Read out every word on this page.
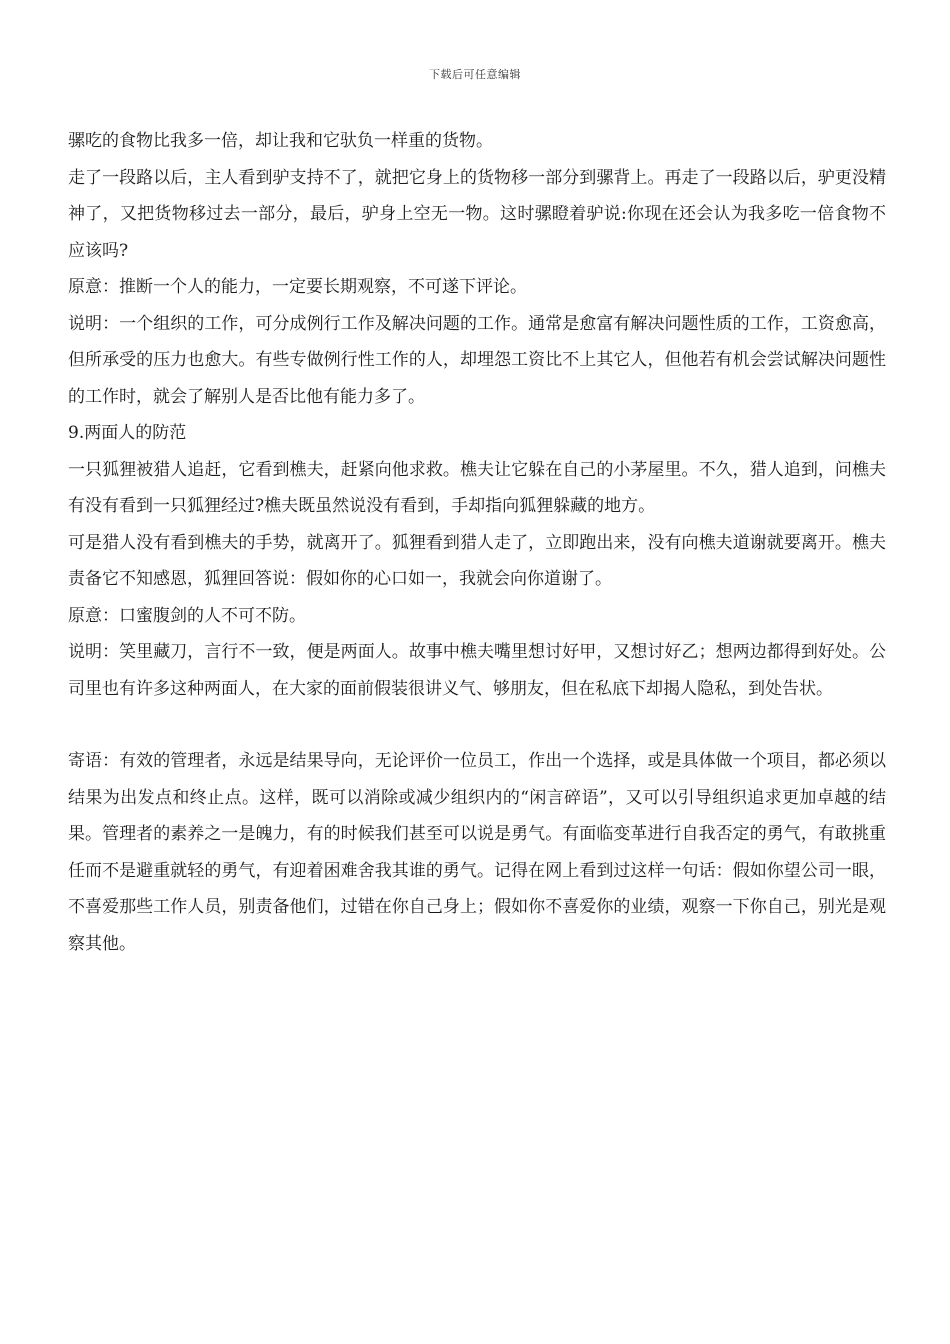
下载后可任意编辑

骡吃的食物比我多一倍，却让我和它驮负一样重的货物。

走了一段路以后，主人看到驴支持不了，就把它身上的货物移一部分到骡背上。再走了一段路以后，驴更没精神了，又把货物移过去一部分，最后，驴身上空无一物。这时骡瞪着驴说:你现在还会认为我多吃一倍食物不应该吗?

原意：推断一个人的能力，一定要长期观察，不可遂下评论。

说明：一个组织的工作，可分成例行工作及解决问题的工作。通常是愈富有解决问题性质的工作，工资愈高，但所承受的压力也愈大。有些专做例行性工作的人，却埋怨工资比不上其它人，但他若有机会尝试解决问题性的工作时，就会了解别人是否比他有能力多了。

9.两面人的防范

一只狐狸被猎人追赶，它看到樵夫，赶紧向他求救。樵夫让它躲在自己的小茅屋里。不久，猎人追到，问樵夫有没有看到一只狐狸经过?樵夫既虽然说没有看到，手却指向狐狸躲藏的地方。

可是猎人没有看到樵夫的手势，就离开了。狐狸看到猎人走了，立即跑出来，没有向樵夫道谢就要离开。樵夫责备它不知感恩，狐狸回答说：假如你的心口如一，我就会向你道谢了。

原意：口蜜腹剑的人不可不防。

说明：笑里藏刀，言行不一致，便是两面人。故事中樵夫嘴里想讨好甲，又想讨好乙；想两边都得到好处。公司里也有许多这种两面人，在大家的面前假装很讲义气、够朋友，但在私底下却揭人隐私，到处告状。

寄语：有效的管理者，永远是结果导向，无论评价一位员工，作出一个选择，或是具体做一个项目，都必须以结果为出发点和终止点。这样，既可以消除或减少组织内的“闲言碎语”，又可以引导组织追求更加卓越的结果。管理者的素养之一是魄力，有的时候我们甚至可以说是勇气。有面临变革进行自我否定的勇气，有敢挑重任而不是避重就轻的勇气，有迎着困难舍我其谁的勇气。记得在网上看到过这样一句话：假如你望公司一眼，不喜爱那些工作人员，别责备他们，过错在你自己身上；假如你不喜爱你的业绩，观察一下你自己，别光是观察其他。
